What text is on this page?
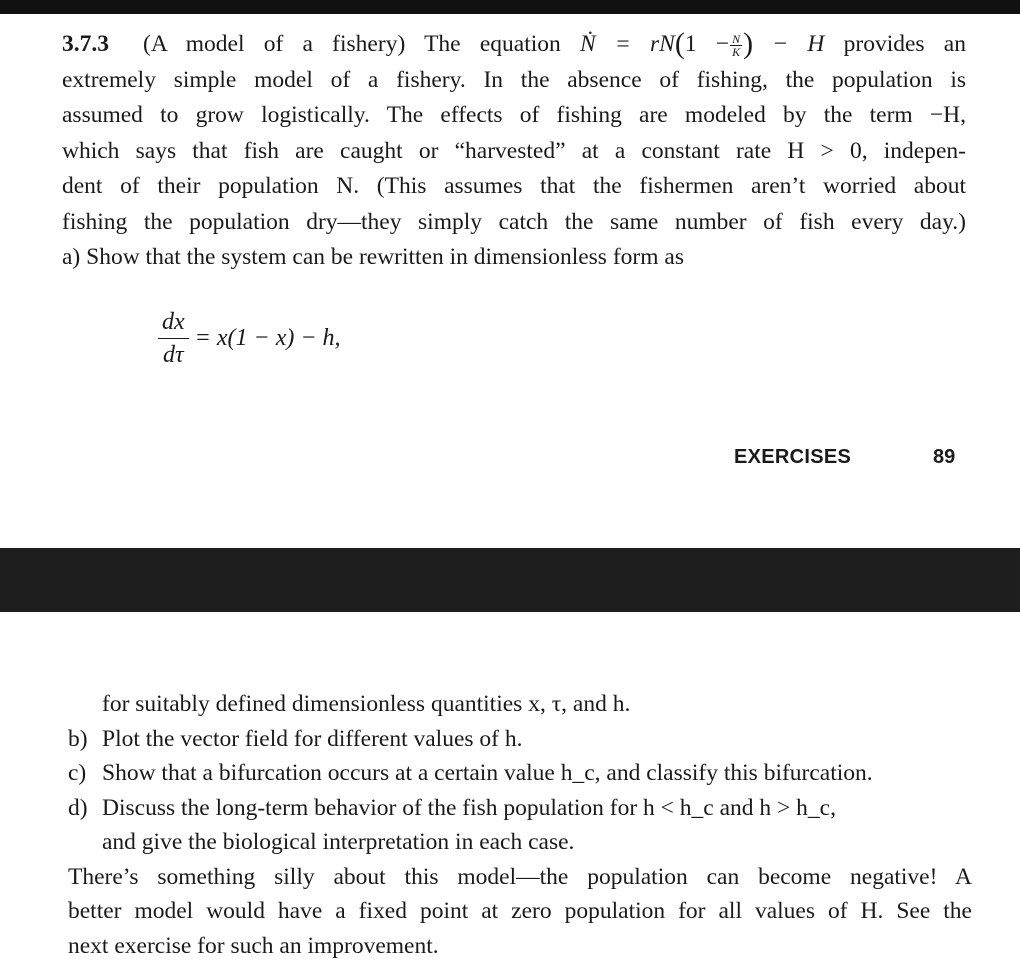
3.7.3 (A model of a fishery) The equation Ṅ = $rN(1 - \frac{N}{K}$ ) − H provides an
extremely simple model of a fishery. In the absence of fishing, the population is
assumed to grow logistically. The effects of fishing are modeled by the term −H,
which says that fish are caught or “harvested” at a constant rate H > 0, indepen-
dent of their population N. (This assumes that the fishermen aren’t worried about
fishing the population dry—they simply catch the same number of fish every day.)
a) Show that the system can be rewritten in dimensionless form as
$\frac{dx}{d\tau} = x(1 - x) - h$,
EXERCISES	89
for suitably defined dimensionless quantities x, τ, and h.
b) Plot the vector field for different values of h.
c) Show that a bifurcation occurs at a certain value h_c, and classify this bifurcation.
d) Discuss the long-term behavior of the fish population for h < h_c and h > h_c,
and give the biological interpretation in each case.
There’s something silly about this model—the population can become negative! A
better model would have a fixed point at zero population for all values of H. See the
next exercise for such an improvement.
